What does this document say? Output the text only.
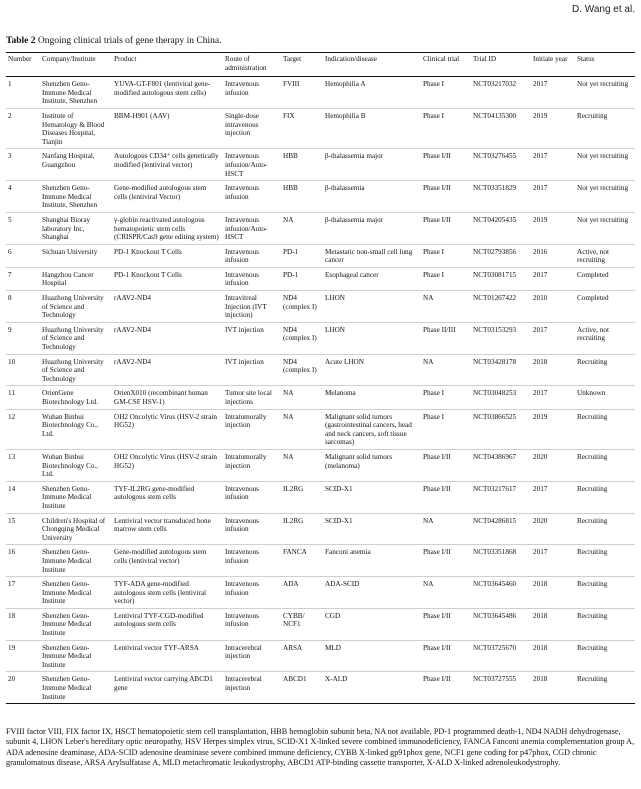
D. Wang et al.
Table 2 Ongoing clinical trials of gene therapy in China.
Number	Company/Institute	Product	Route of administration	Target	Indication/disease	Clinical trial	Trial ID	Initiate year	Status
1	Shenzhen Geno-Immune Medical Institute, Shenzhen	YUVA-GT-F801 (lentiviral gene-modified autologous stem cells)	Intravenous infusion	FVIII	Hemophilia A	Phase I	NCT03217032	2017	Not yet recruiting
2	Institute of Hematology & Blood Diseases Hospital, Tianjin	BBM-H901 (AAV)	Single-dose intravenous injection	FIX	Hemophilia B	Phase I	NCT04135300	2019	Recruiting
3	Nanfang Hospital, Guangzhou	Autologous CD34⁺ cells genetically modified (lentiviral vector)	Intravenous infusion/Auto-HSCT	HBB	β-thalassemia major	Phase I/II	NCT03276455	2017	Not yet recruiting
4	Shenzhen Geno-Immune Medical Institute, Shenzhen	Gene-modified autologous stem cells (lentiviral Vector)	Intravenous infusion	HBB	β-thalassemia	Phase I/II	NCT03351829	2017	Not yet recruiting
5	Shanghai Bioray laboratory Inc, Shanghai	γ-globin reactivated autologous hematopoietic stem cells (CRISPR/Cas9 gene editing system)	Intravenous infusion/Auto-HSCT	NA	β-thalassemia major	Phase I/II	NCT04205435	2019	Not yet recruiting
6	Sichuan University	PD-1 Knockout T Cells	Intravenous infusion	PD-1	Metastatic non-small cell lung cancer	Phase I	NCT02793856	2016	Active, not recruiting
7	Hangzhou Cancer Hospital	PD-1 Knockout T Cells	Intravenous infusion	PD-1	Esophageal cancer	Phase I	NCT03081715	2017	Completed
8	Huazhong University of Science and Technology	rAAV2-ND4	Intravitreal Injection (IVT injection)	ND4 (complex I)	LHON	NA	NCT01267422	2010	Completed
9	Huazhong University of Science and Technology	rAAV2-ND4	IVT injection	ND4 (complex I)	LHON	Phase II/III	NCT03153293	2017	Active, not recruiting
10	Huazhong University of Science and Technology	rAAV2-ND4	IVT injection	ND4 (complex I)	Acute LHON	NA	NCT03428178	2018	Recruiting
11	OrienGene Biotechnology Ltd.	OrienX010 (recombinant human GM-CSF HSV-1)	Tumor site local injections	NA	Melanoma	Phase I	NCT03048253	2017	Unknown
12	Wuhan Binhui Biotechnology Co., Ltd.	OH2 Oncolytic Virus (HSV-2 strain HG52)	Intratumorally injection	NA	Malignant solid tumors (gastrointestinal cancers, head and neck cancers, soft tissue sarcomas)	Phase I	NCT03866525	2019	Recruiting
13	Wuhan Binhui Biotechnology Co., Ltd.	OH2 Oncolytic Virus (HSV-2 strain HG52)	Intratumorally injection	NA	Malignant solid tumors (melanoma)	Phase I/II	NCT04386967	2020	Recruiting
14	Shenzhen Geno-Immune Medical Institute	TYF-IL2RG gene-modified autologous stem cells	Intravenous infusion	IL2RG	SCID-X1	Phase I/II	NCT03217617	2017	Recruiting
15	Children's Hospital of Chongqing Medical University	Lentiviral vector transduced bone marrow stem cells	Intravenous infusion	IL2RG	SCID-X1	NA	NCT04286815	2020	Recruiting
16	Shenzhen Geno-Immune Medical Institute	Gene-modified autologous stem cells (lentiviral vector)	Intravenous infusion	FANCA	Fanconi anemia	Phase I/II	NCT03351868	2017	Recruiting
17	Shenzhen Geno-Immune Medical Institute	TYF-ADA gene-modified autologous stem cells (lentiviral vector)	Intravenous infusion	ADA	ADA-SCID	NA	NCT03645460	2018	Recruiting
18	Shenzhen Geno-Immune Medical Institute	Lentiviral TYF-CGD-modified autologous stem cells	Intravenous infusion	CYBB/ NCF1	CGD	Phase I/II	NCT03645486	2018	Recruiting
19	Shenzhen Geno-Immune Medical Institute	Lentiviral vector TYF-ARSA	Intracerebral injection	ARSA	MLD	Phase I/II	NCT03725670	2018	Recruiting
20	Shenzhen Geno-Immune Medical Institute	Lentiviral vector carrying ABCD1 gene	Intracerebral injection	ABCD1	X-ALD	Phase I/II	NCT03727555	2018	Recruiting
FVIII factor VIII, FIX factor IX, HSCT hematopoietic stem cell transplantation, HBB hemoglobin subunit beta, NA not available, PD-1 programmed death-1, ND4 NADH dehydrogenase, subunit 4, LHON Leber's hereditary optic neuropathy, HSV Herpes simplex virus, SCID-X1 X-linked severe combined immunodeficiency, FANCA Fanconi anemia complementation group A, ADA adenosine deaminase, ADA-SCID adenosine deaminase severe combined immune deficiency, CYBB X-linked gp91phox gene, NCF1 gene coding for p47phox, CGD chronic granulomatous disease, ARSA Arylsulfatase A, MLD metachromatic leukodystrophy, ABCD1 ATP-binding cassette transporter, X-ALD X-linked adrenoleukodystrophy.
